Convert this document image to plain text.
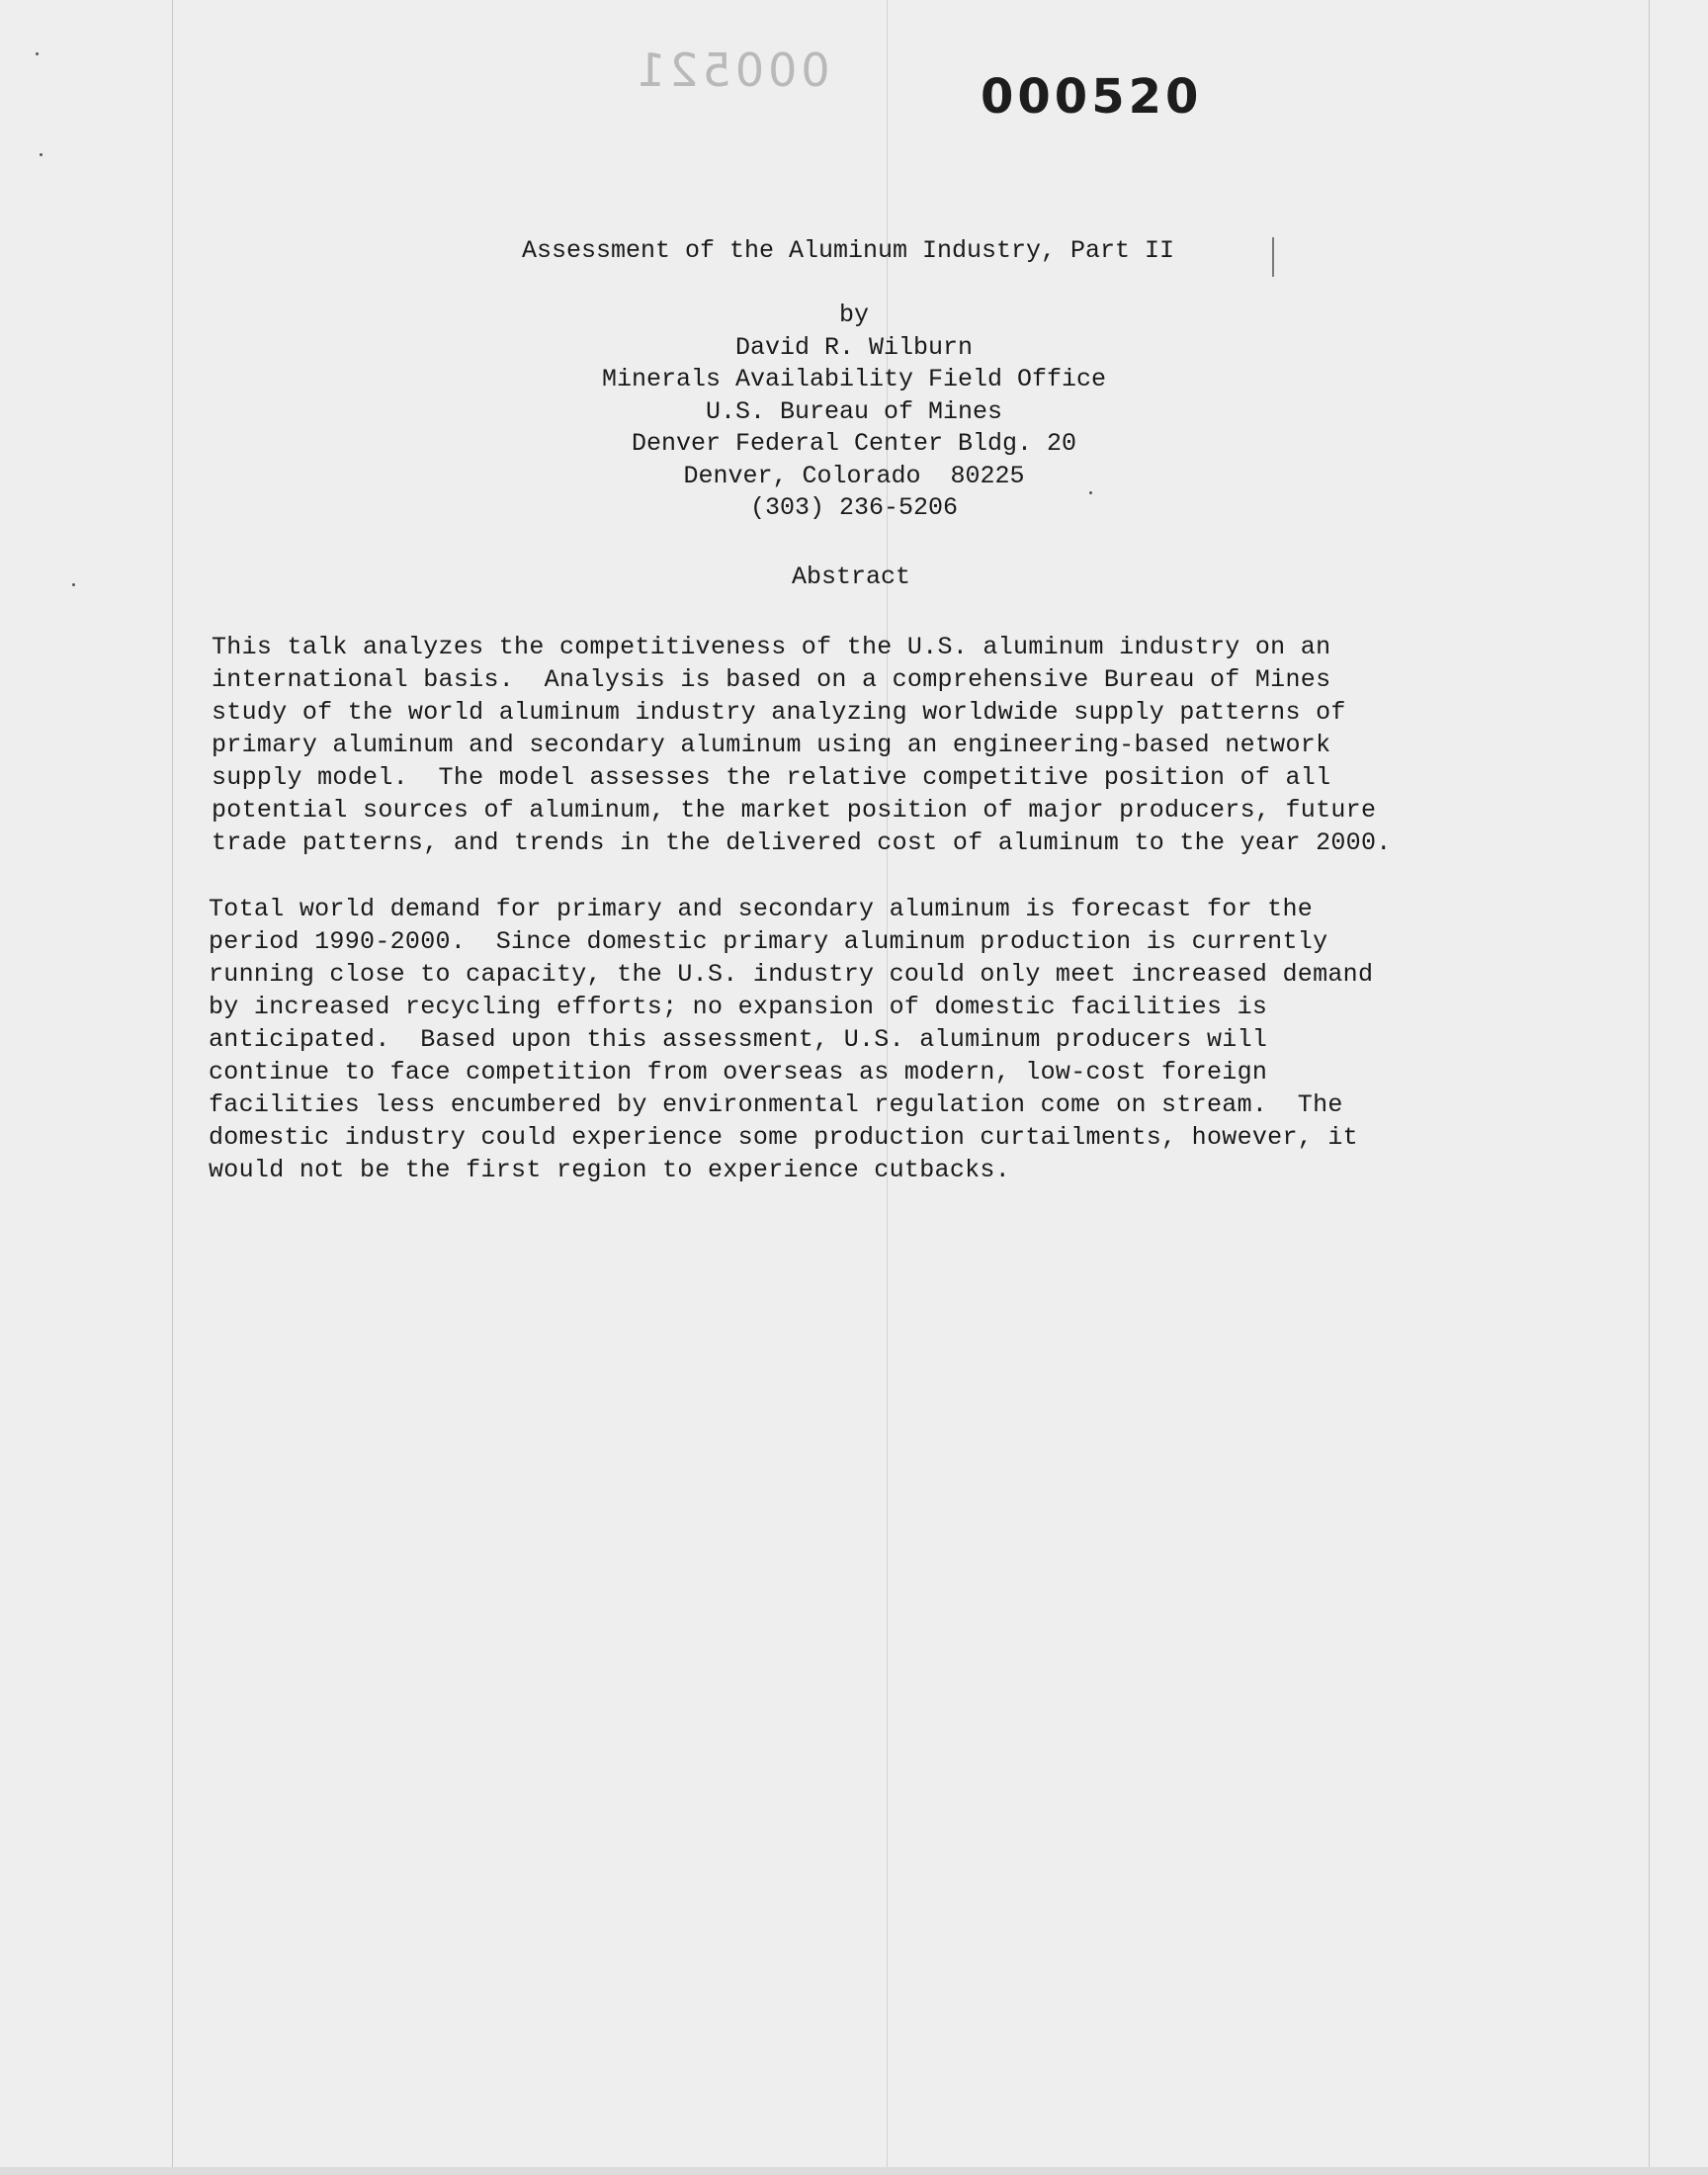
000521	000520
Assessment of the Aluminum Industry, Part II
by
David R. Wilburn
Minerals Availability Field Office
U.S. Bureau of Mines
Denver Federal Center Bldg. 20
Denver, Colorado  80225
(303) 236-5206
Abstract
This talk analyzes the competitiveness of the U.S. aluminum industry on an
international basis.  Analysis is based on a comprehensive Bureau of Mines
study of the world aluminum industry analyzing worldwide supply patterns of
primary aluminum and secondary aluminum using an engineering-based network
supply model.  The model assesses the relative competitive position of all
potential sources of aluminum, the market position of major producers, future
trade patterns, and trends in the delivered cost of aluminum to the year 2000.
Total world demand for primary and secondary aluminum is forecast for the
period 1990-2000.  Since domestic primary aluminum production is currently
running close to capacity, the U.S. industry could only meet increased demand
by increased recycling efforts; no expansion of domestic facilities is
anticipated.  Based upon this assessment, U.S. aluminum producers will
continue to face competition from overseas as modern, low-cost foreign
facilities less encumbered by environmental regulation come on stream.  The
domestic industry could experience some production curtailments, however, it
would not be the first region to experience cutbacks.
